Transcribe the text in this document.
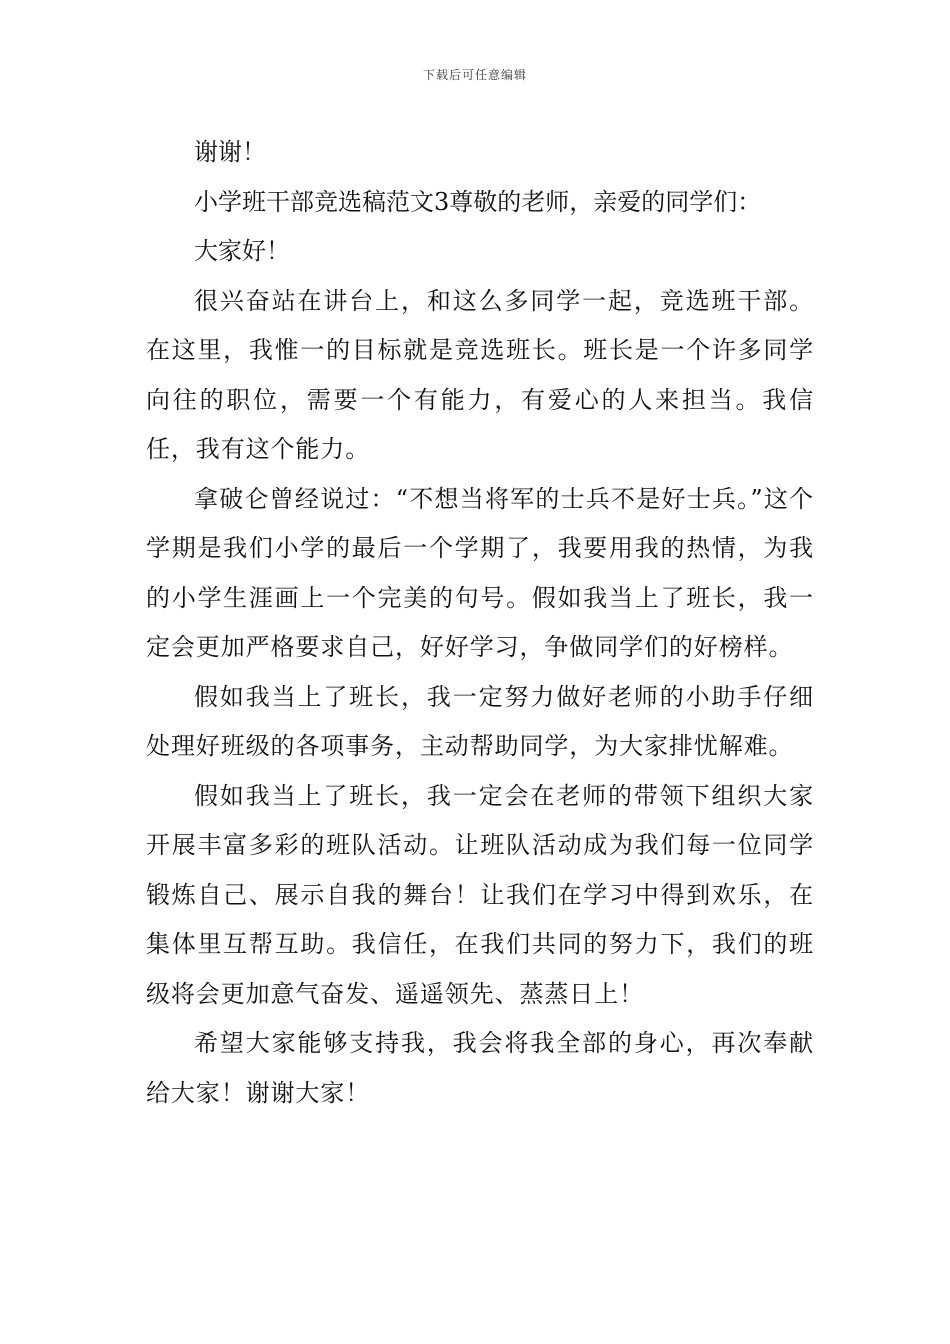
下载后可任意编辑

谢谢！

小学班干部竞选稿范文3尊敬的老师，亲爱的同学们：

大家好！

很兴奋站在讲台上，和这么多同学一起，竞选班干部。在这里，我惟一的目标就是竞选班长。班长是一个许多同学向往的职位，需要一个有能力，有爱心的人来担当。我信任，我有这个能力。

拿破仑曾经说过：“不想当将军的士兵不是好士兵。”这个学期是我们小学的最后一个学期了，我要用我的热情，为我的小学生涯画上一个完美的句号。假如我当上了班长，我一定会更加严格要求自己，好好学习，争做同学们的好榜样。

假如我当上了班长，我一定努力做好老师的小助手仔细处理好班级的各项事务，主动帮助同学，为大家排忧解难。

假如我当上了班长，我一定会在老师的带领下组织大家开展丰富多彩的班队活动。让班队活动成为我们每一位同学锻炼自己、展示自我的舞台！让我们在学习中得到欢乐，在集体里互帮互助。我信任，在我们共同的努力下，我们的班级将会更加意气奋发、遥遥领先、蒸蒸日上！

希望大家能够支持我，我会将我全部的身心，再次奉献给大家！谢谢大家！
